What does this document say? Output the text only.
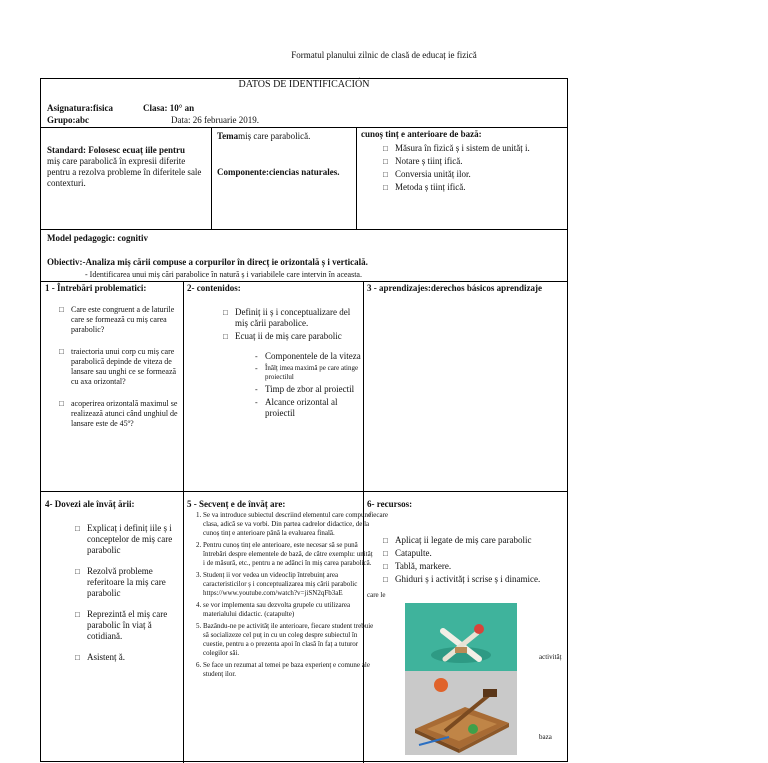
Formatul planului zilnic de clasă de educaț ie fizică
DATOS DE IDENTIFICACIÓN
Asignatura:fisica	Clasa: 10° an
Grupo:abc	Data: 26 februarie 2019.
Standard: Folosesc ecuaț iile pentru
miș care parabolică în expresii diferite pentru a rezolva probleme în diferitele sale contexturi.
Temamiș care parabolică.
Componente:ciencias naturales.
cunoș tinț e anterioare de bază:
□ Măsura în fizică ș i sistem de unităț i.
□ Notare ș tiinț ifică.
□ Conversia unităț ilor.
□ Metoda ș tiinț ifică.
Model pedagogic: cognitiv
Obiectiv:-Analiza miș cării compuse a corpurilor în direcț ie orizontală ș i verticală.
- Identificarea unui miș cări parabolice în natură ș i variabilele care intervin în aceasta.
1 - Întrebări problematici:
□ Care este congruent a de laturile care se formează cu miș carea parabolic?
□ traiectoria unui corp cu miș care parabolică depinde de viteza de lansare sau unghi ce se formează cu axa orizontal?
□ acoperirea orizontală maximul se realizează atunci când unghiul de lansare este de 45º?
2- contenidos:
□ Definiț ii ș i conceptualizare del miș cării parabolice.
□ Ecuaț ii de miș care parabolic
- Componentele de la viteza
- Înălț imea maximă pe care atinge proiectilul
- Timp de zbor al proiectil
- Alcance orizontal al proiectil
3 - aprendizajes:derechos básicos aprendizaje
4- Dovezi ale învăț ării:
□ Explicaț i definiț iile ș i conceptelor de miș care parabolic
□ Rezolvă probleme referitoare la miș care parabolic
□ Reprezintă el miș care parabolic în viaț ă cotidiană.
□ Asistenț ă.
5 - Secvenț e de învăț are:
1. Se va introduce subiectul descriind elementul care compune clasa, adică se va vorbi. Din partea cadrelor didactice, de la cunoș tinț e anterioare până la evaluarea finală.
2. Pentru cunoș tinț ele anterioare, este necesar să se pună întrebări despre elementele de bază, de către exemplu: unităț i de măsură, etc., pentru a ne adânci în miș carea parabolică.
3. Studenț ii vor vedea un videoclip întrebuinț area caracteristicilor ș i conceptualizarea miș cării parabolic https://www.youtube.com/watch?v=jiSN2qFb3aE
4. se vor implementa sau dezvolta grupele cu utilizarea materialului didactic. (catapulte)
5. Bazându-ne pe activităț ile anterioare, fiecare student trebuie să socializeze cel puț in cu un coleg despre subiectul în cuestie, pentru a o prezenta apoi în clasă în faț a tuturor colegilor săi.
6. Se face un rezumat al temei pe baza experienț e comune ale studenț ilor.
6- recursos:
fiecare
□ Aplicaț ii legate de miș care parabolic
□ Catapulte.
□ Tablă, markere.
□ Ghiduri ș i activităț i scrise ș i dinamice.
care le
activităț
baza
